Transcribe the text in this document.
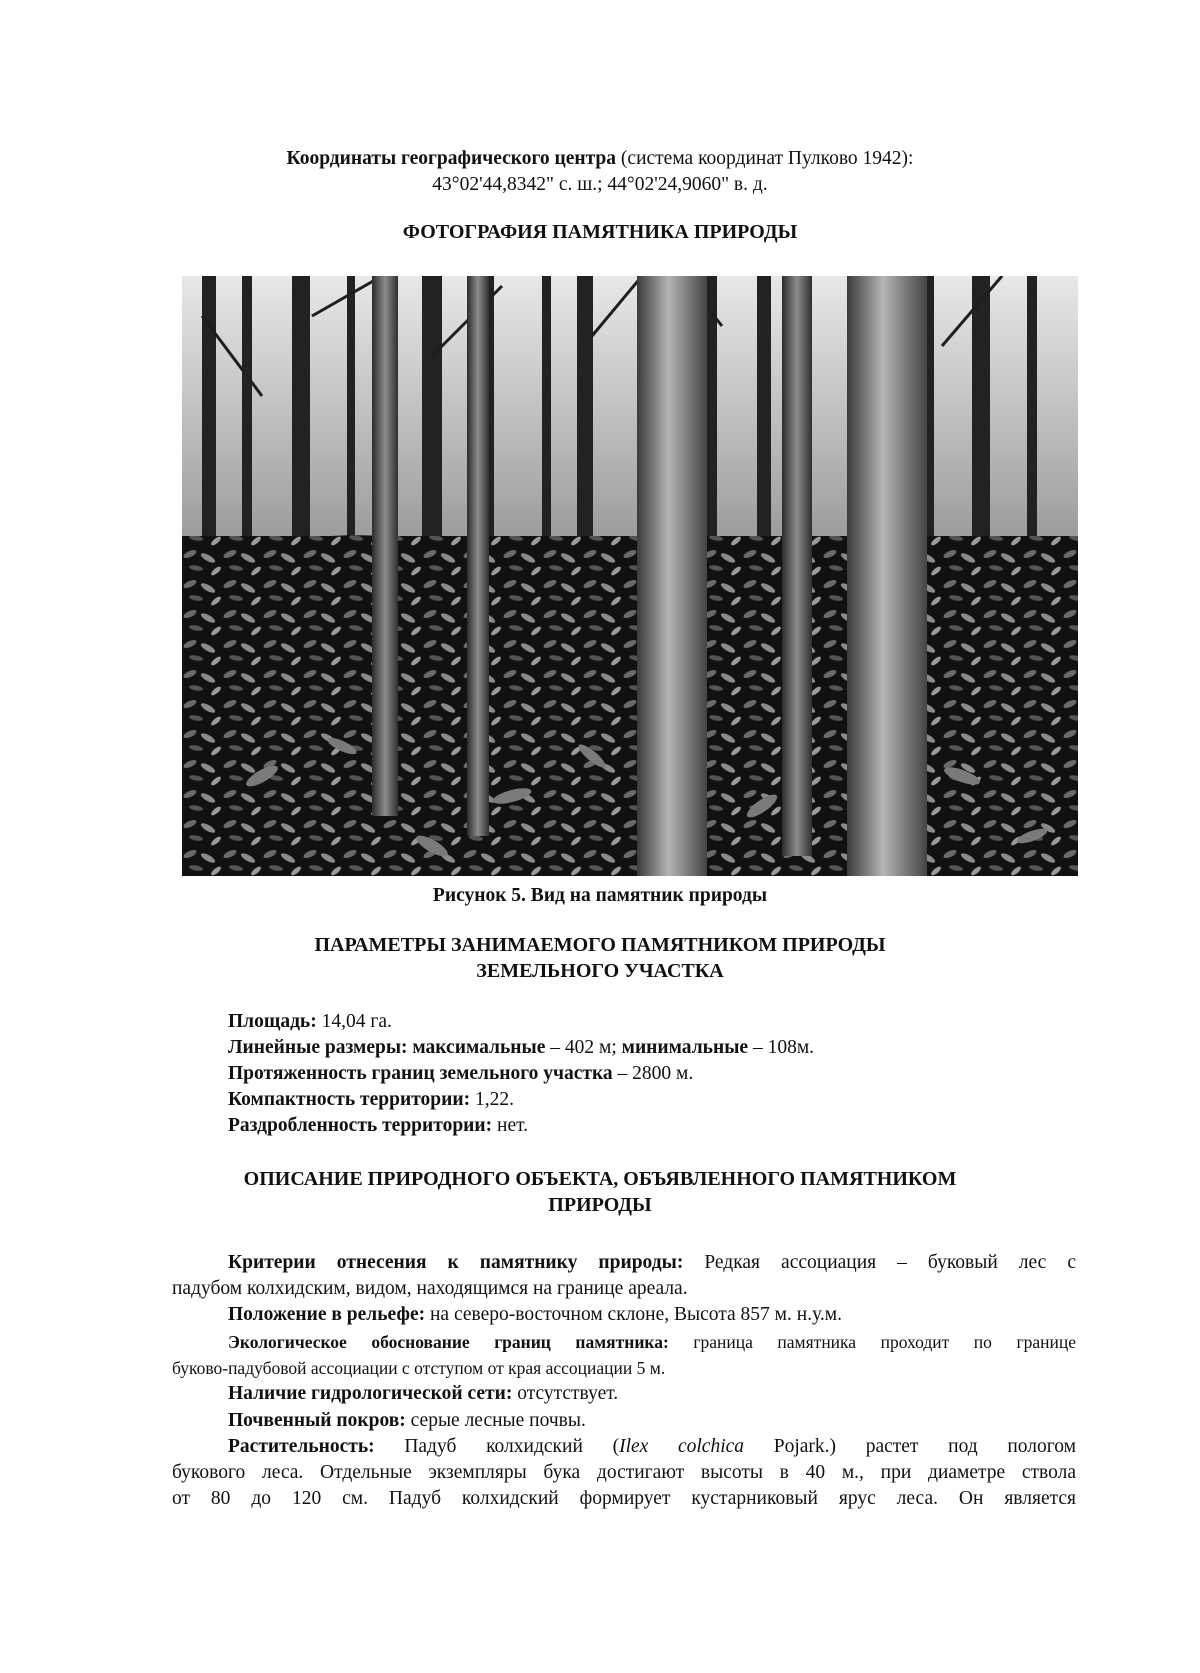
Координаты географического центра (система координат Пулково 1942):
43°02'44,8342" с. ш.; 44°02'24,9060" в. д.
ФОТОГРАФИЯ ПАМЯТНИКА ПРИРОДЫ
Рисунок 5. Вид на памятник природы
ПАРАМЕТРЫ ЗАНИМАЕМОГО ПАМЯТНИКОМ ПРИРОДЫ
ЗЕМЕЛЬНОГО УЧАСТКА
Площадь: 14,04 га.
Линейные размеры: максимальные – 402 м; минимальные – 108м.
Протяженность границ земельного участка – 2800 м.
Компактность территории: 1,22.
Раздробленность территории: нет.
ОПИСАНИЕ ПРИРОДНОГО ОБЪЕКТА, ОБЪЯВЛЕННОГО ПАМЯТНИКОМ
ПРИРОДЫ
Критерии отнесения к памятнику природы: Редкая ассоциация – буковый лес с
падубом колхидским, видом, находящимся на границе ареала.
Положение в рельефе: на северо-восточном склоне, Высота 857 м. н.у.м.
Экологическое обоснование границ памятника: граница памятника проходит по границе
буково-падубовой ассоциации с отступом от края ассоциации 5 м.
Наличие гидрологической сети: отсутствует.
Почвенный покров: серые лесные почвы.
Растительность: Падуб колхидский (Ilex colchica Pojark.) растет под пологом
букового леса. Отдельные экземпляры бука достигают высоты в 40 м., при диаметре ствола
от 80 до 120 см. Падуб колхидский формирует кустарниковый ярус леса. Он является
